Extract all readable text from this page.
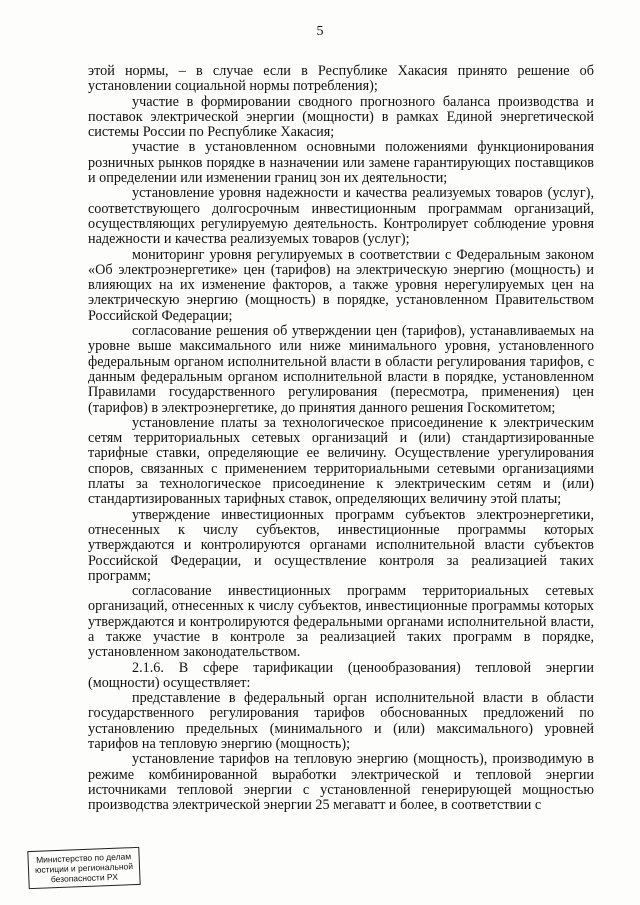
5

этой нормы, – в случае если в Республике Хакасия принято решение об установлении социальной нормы потребления);

участие в формировании сводного прогнозного баланса производства и поставок электрической энергии (мощности) в рамках Единой энергетической системы России по Республике Хакасия;

участие в установленном основными положениями функционирования розничных рынков порядке в назначении или замене гарантирующих поставщиков и определении или изменении границ зон их деятельности;

установление уровня надежности и качества реализуемых товаров (услуг), соответствующего долгосрочным инвестиционным программам организаций, осуществляющих регулируемую деятельность. Контролирует соблюдение уровня надежности и качества реализуемых товаров (услуг);

мониторинг уровня регулируемых в соответствии с Федеральным законом «Об электроэнергетике» цен (тарифов) на электрическую энергию (мощность) и влияющих на их изменение факторов, а также уровня нерегулируемых цен на электрическую энергию (мощность) в порядке, установленном Правительством Российской Федерации;

согласование решения об утверждении цен (тарифов), устанавливаемых на уровне выше максимального или ниже минимального уровня, установленного федеральным органом исполнительной власти в области регулирования тарифов, с данным федеральным органом исполнительной власти в порядке, установленном Правилами государственного регулирования (пересмотра, применения) цен (тарифов) в электроэнергетике, до принятия данного решения Госкомитетом;

установление платы за технологическое присоединение к электрическим сетям территориальных сетевых организаций и (или) стандартизированные тарифные ставки, определяющие ее величину. Осуществление урегулирования споров, связанных с применением территориальными сетевыми организациями платы за технологическое присоединение к электрическим сетям и (или) стандартизированных тарифных ставок, определяющих величину этой платы;

утверждение инвестиционных программ субъектов электроэнергетики, отнесенных к числу субъектов, инвестиционные программы которых утверждаются и контролируются органами исполнительной власти субъектов Российской Федерации, и осуществление контроля за реализацией таких программ;

согласование инвестиционных программ территориальных сетевых организаций, отнесенных к числу субъектов, инвестиционные программы которых утверждаются и контролируются федеральными органами исполнительной власти, а также участие в контроле за реализацией таких программ в порядке, установленном законодательством.

2.1.6. В сфере тарификации (ценообразования) тепловой энергии (мощности) осуществляет:

представление в федеральный орган исполнительной власти в области государственного регулирования тарифов обоснованных предложений по установлению предельных (минимального и (или) максимального) уровней тарифов на тепловую энергию (мощность);

установление тарифов на тепловую энергию (мощность), производимую в режиме комбинированной выработки электрической и тепловой энергии источниками тепловой энергии с установленной генерирующей мощностью производства электрической энергии 25 мегаватт и более, в соответствии с

Министерство по делам
юстиции и региональной
безопасности РХ
